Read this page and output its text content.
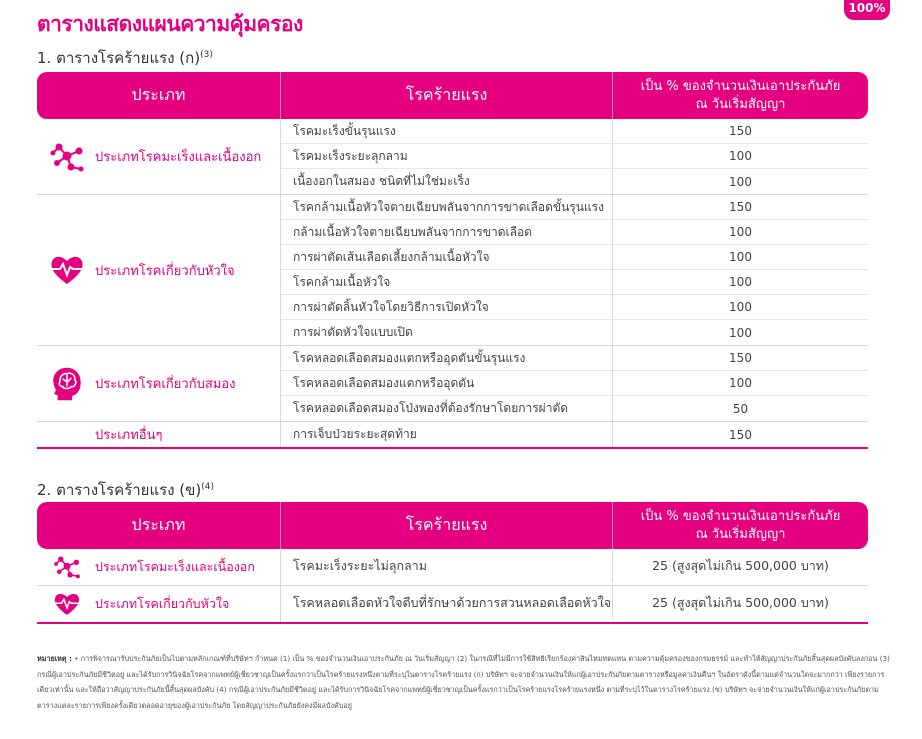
ตารางแสดงแผนความคุ้มครอง
100%
1. ตารางโรคร้ายแรง (ก)$^{(3)}$
ประเภท	โรคร้ายแรง	เป็น % ของจำนวนเงินเอาประกันภัย
ณ วันเริ่มสัญญา
ประเภทโรคมะเร็งและเนื้องอก
โรคมะเร็งขั้นรุนแรง	150
โรคมะเร็งระยะลุกลาม	100
เนื้องอกในสมอง ชนิดที่ไม่ใช่มะเร็ง	100
ประเภทโรคเกี่ยวกับหัวใจ
โรคกล้ามเนื้อหัวใจตายเฉียบพลันจากการขาดเลือดขั้นรุนแรง	150
กล้ามเนื้อหัวใจตายเฉียบพลันจากการขาดเลือด	100
การผ่าตัดเส้นเลือดเลี้ยงกล้ามเนื้อหัวใจ	100
โรคกล้ามเนื้อหัวใจ	100
การผ่าตัดลิ้นหัวใจโดยวิธีการเปิดหัวใจ	100
การผ่าตัดหัวใจแบบเปิด	100
ประเภทโรคเกี่ยวกับสมอง
โรคหลอดเลือดสมองแตกหรืออุดตันขั้นรุนแรง	150
โรคหลอดเลือดสมองแตกหรืออุดตัน	100
โรคหลอดเลือดสมองโป่งพองที่ต้องรักษาโดยการผ่าตัด	50
ประเภทอื่นๆ	การเจ็บป่วยระยะสุดท้าย	150
2. ตารางโรคร้ายแรง (ข)$^{(4)}$
ประเภท	โรคร้ายแรง	เป็น % ของจำนวนเงินเอาประกันภัย
ณ วันเริ่มสัญญา
ประเภทโรคมะเร็งและเนื้องอก	โรคมะเร็งระยะไม่ลุกลาม	25 (สูงสุดไม่เกิน 500,000 บาท)
ประเภทโรคเกี่ยวกับหัวใจ	โรคหลอดเลือดหัวใจตีบที่รักษาด้วยการสวนหลอดเลือดหัวใจ	25 (สูงสุดไม่เกิน 500,000 บาท)
หมายเหตุ : • การพิจารณารับประกันภัยเป็นไปตามหลักเกณฑ์ที่บริษัทฯ กำหนด (1) เป็น % ของจำนวนเงินเอาประกันภัย ณ วันเริ่มสัญญา (2) ในกรณีที่ไม่มีการใช้สิทธิเรียกร้องค่าสินไหมทดแทน ตามความคุ้มครองของกรมธรรม์ และทำให้สัญญาประกันภัยสิ้นสุดผลบังคับลงก่อน (3) กรณีผู้เอาประกันภัยมีชีวิตอยู่ และได้รับการวินิจฉัยโรคจากแพทย์ผู้เชี่ยวชาญเป็นครั้งแรกว่าเป็นโรคร้ายแรงหนึ่งตามที่ระบุในตารางโรคร้ายแรง (ก) บริษัทฯ จะจ่ายจำนวนเงินให้แก่ผู้เอาประกันภัยตามตารางหรือมูลค่าเงินคืนฯ ในอัตราดังนี้ตามแต่จำนวนใดจะมากกว่า เพียงรายการเดียวเท่านั้น และให้ถือว่าสัญญาประกันภัยนี้สิ้นสุดผลบังคับ (4) กรณีผู้เอาประกันภัยมีชีวิตอยู่ และได้รับการวินิจฉัยโรคจากแพทย์ผู้เชี่ยวชาญเป็นครั้งแรกว่าเป็นโรคร้ายแรงโรคร้ายแรงหนึ่ง ตามที่ระบุไว้ในตารางโรคร้ายแรง (ข) บริษัทฯ จะจ่ายจำนวนเงินให้แก่ผู้เอาประกันภัยตามตารางแต่ละรายการเพียงครั้งเดียวตลอดอายุของผู้เอาประกันภัย โดยสัญญาประกันภัยยังคงมีผลบังคับอยู่
